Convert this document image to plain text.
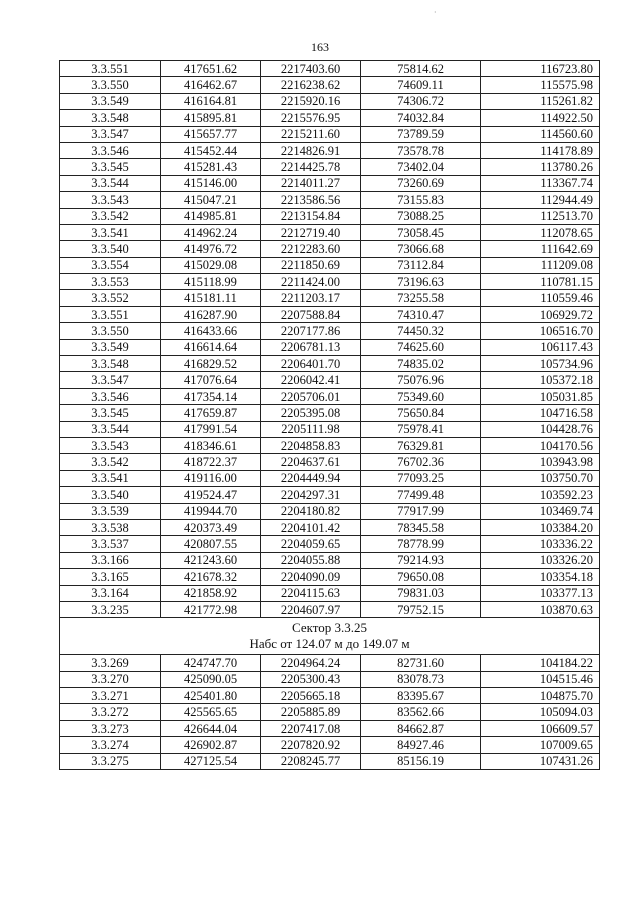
163
·
3.3.551	417651.62	2217403.60	75814.62	116723.80
3.3.550	416462.67	2216238.62	74609.11	115575.98
3.3.549	416164.81	2215920.16	74306.72	115261.82
3.3.548	415895.81	2215576.95	74032.84	114922.50
3.3.547	415657.77	2215211.60	73789.59	114560.60
3.3.546	415452.44	2214826.91	73578.78	114178.89
3.3.545	415281.43	2214425.78	73402.04	113780.26
3.3.544	415146.00	2214011.27	73260.69	113367.74
3.3.543	415047.21	2213586.56	73155.83	112944.49
3.3.542	414985.81	2213154.84	73088.25	112513.70
3.3.541	414962.24	2212719.40	73058.45	112078.65
3.3.540	414976.72	2212283.60	73066.68	111642.69
3.3.554	415029.08	2211850.69	73112.84	111209.08
3.3.553	415118.99	2211424.00	73196.63	110781.15
3.3.552	415181.11	2211203.17	73255.58	110559.46
3.3.551	416287.90	2207588.84	74310.47	106929.72
3.3.550	416433.66	2207177.86	74450.32	106516.70
3.3.549	416614.64	2206781.13	74625.60	106117.43
3.3.548	416829.52	2206401.70	74835.02	105734.96
3.3.547	417076.64	2206042.41	75076.96	105372.18
3.3.546	417354.14	2205706.01	75349.60	105031.85
3.3.545	417659.87	2205395.08	75650.84	104716.58
3.3.544	417991.54	2205111.98	75978.41	104428.76
3.3.543	418346.61	2204858.83	76329.81	104170.56
3.3.542	418722.37	2204637.61	76702.36	103943.98
3.3.541	419116.00	2204449.94	77093.25	103750.70
3.3.540	419524.47	2204297.31	77499.48	103592.23
3.3.539	419944.70	2204180.82	77917.99	103469.74
3.3.538	420373.49	2204101.42	78345.58	103384.20
3.3.537	420807.55	2204059.65	78778.99	103336.22
3.3.166	421243.60	2204055.88	79214.93	103326.20
3.3.165	421678.32	2204090.09	79650.08	103354.18
3.3.164	421858.92	2204115.63	79831.03	103377.13
3.3.235	421772.98	2204607.97	79752.15	103870.63

Сектор 3.3.25
Набс от 124.07 м до 149.07 м				

3.3.269	424747.70	2204964.24	82731.60	104184.22
3.3.270	425090.05	2205300.43	83078.73	104515.46
3.3.271	425401.80	2205665.18	83395.67	104875.70
3.3.272	425565.65	2205885.89	83562.66	105094.03
3.3.273	426644.04	2207417.08	84662.87	106609.57
3.3.274	426902.87	2207820.92	84927.46	107009.65
3.3.275	427125.54	2208245.77	85156.19	107431.26
